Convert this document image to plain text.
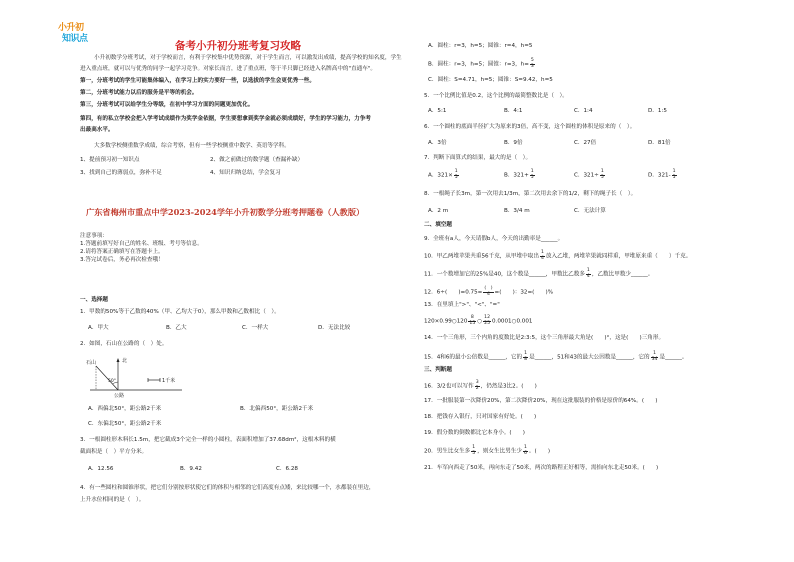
小升初
知识点
备考小升初分班考复习攻略
小升初数学分班考试，对于学校而言，有利于学校集中优势资源，对于学生而言，可以激发出成绩，提高学校的知名度，学生
进入重点班，就可以与优秀的同学一起学习竞争。对家长而言，进了重点班，等于半只脚已经进入名牌高中的"直通车"。
第一，分班考试的学生可能集体编入，在学习上的实力要好一些，以选拔的学生会更优秀一些。
第二，分班考试能力以后的服务是平等的机会。
第三，分班考试可以给学生分等级，在初中学习方面的问题更加优化。
第四，有的私立学校会把入学考试成绩作为奖学金依据，学生要想拿到奖学金就必须成绩好，学生的学习能力，力争考
出最高水平。
大多数学校侧重数学成绩，综合考察，但有一些学校侧重中数学、英语等学科。
1、提前预习初一知识点	2、做之前做过的数学题（查漏补缺）
3、找到自己的薄弱点，弥补不足	4、知识归纳总结，学会复习
注意事项：
1.答题前填写好自己的姓名、班级、考号等信息。
2.请将答案正确填写在答题卡上。
3.答完试卷后，务必再次检查哦！
一、选择题
1．甲数的50%等于乙数的40%（甲、乙均大于0），那么甲数和乙数相比（　）。
A．甲大	B．乙大	C．一样大	D．无法比较
2．如图，石山在公路的（　）处。
A．西偏北50°，距公路2千米	B．北偏西50°，距公路2千米
C．东偏北50°，距公路2千米
3．一根圆柱形木料长1.5m，把它截成3个完全一样的小圆柱，表面积增加了37.68dm²，这根木料的横
截面积是（　）平方分米。
A．12.56	B．9.42	C．6.28
4．有一些圆柱和圆锥形状，把它们分别按形状使它们的体积与相邻的它们高度有点矮，来比较哪一个，水都装在里边，
上升水位相同的是（　）。
广东省梅州市重点中学2023-2024学年小升初数学分班考押题卷（人教版）
石山	北
50°	1千米
公路
A．圆柱：r=3，h=5；圆锥：r=4，h=5
B．圆柱：r=3，h=5；圆锥：r=3，$h= \frac{5}{3}$
C．圆柱：S=4.71，h=5；圆锥：S=9.42，h=5
5．一个比例比值是0.2，这个比例的最简整数比是（　）。
A．5:1	B．4:1	C．1:4	D．1:5
6．一个圆柱的底面半径扩大为原来的3倍，高不变，这个圆柱的体积是原来的（　）。
A．3倍	B．9倍	C．27倍	D．81倍
7．判断下面算式的结果，最大的是（　）。
A．$321\times \frac{1}{5}$	B．$321+ \frac{1}{5}$	C．$321\div \frac{1}{5}$	D．$321- \frac{1}{5}$
8．一根绳子长3m，第一次用去1/3m，第二次用去余下的1/2，剩下的绳子长（　）。
A．2 m	B．3/4 m	C．无法计算
二、填空题
9．全班有a人，今天请假b人，今天的出勤率是______。
10．甲乙两堆苹果共重56千克，从甲堆中取出 $\frac{1}{4}$ 放入乙堆，两堆苹果就同样重，甲堆原来重（　　）千克。
11．一个数增加它的25%是40，这个数是______，甲数比乙数多 $\frac{1}{4}$ ，乙数比甲数少______。
12．6÷(　　)$=0.75= \frac{( )}{4}$ =(　　)：32=(　　)%
13．在里填上">"、"<"、"="
120×0.99○120 $\frac{8}{15}$ ○ $\frac{12}{25}$ 0.0001○0.001
14．一个三角形，三个内角的度数比是2:3:5，这个三角形最大角是(　　)°，这是(　　)三角形。
15．4和6的最小公倍数是______，它的 $\frac{1}{8}$ 是______，51和43的最大公因数是______，它的 $\frac{1}{34}$ 是______。
三、判断题
16．3/2也可以写作 $\frac{3}{2}$ ，仍然是3比2。(　　)
17．一批服装第一次降价20%，第二次降价20%，现在这批服装的价格是原价的64%。(　　)
18．把钱存入银行，只对国家有好处。(　　)
19．假分数的倒数都比它本身小。(　　)
20．男生比女生多 $\frac{1}{5}$ ，则女生比男生少 $\frac{1}{6}$ 。(　　)
21．车军向西走了50米，再向东走了50米，两次的路程正好相等，需抬向东北走50米。(　　)
